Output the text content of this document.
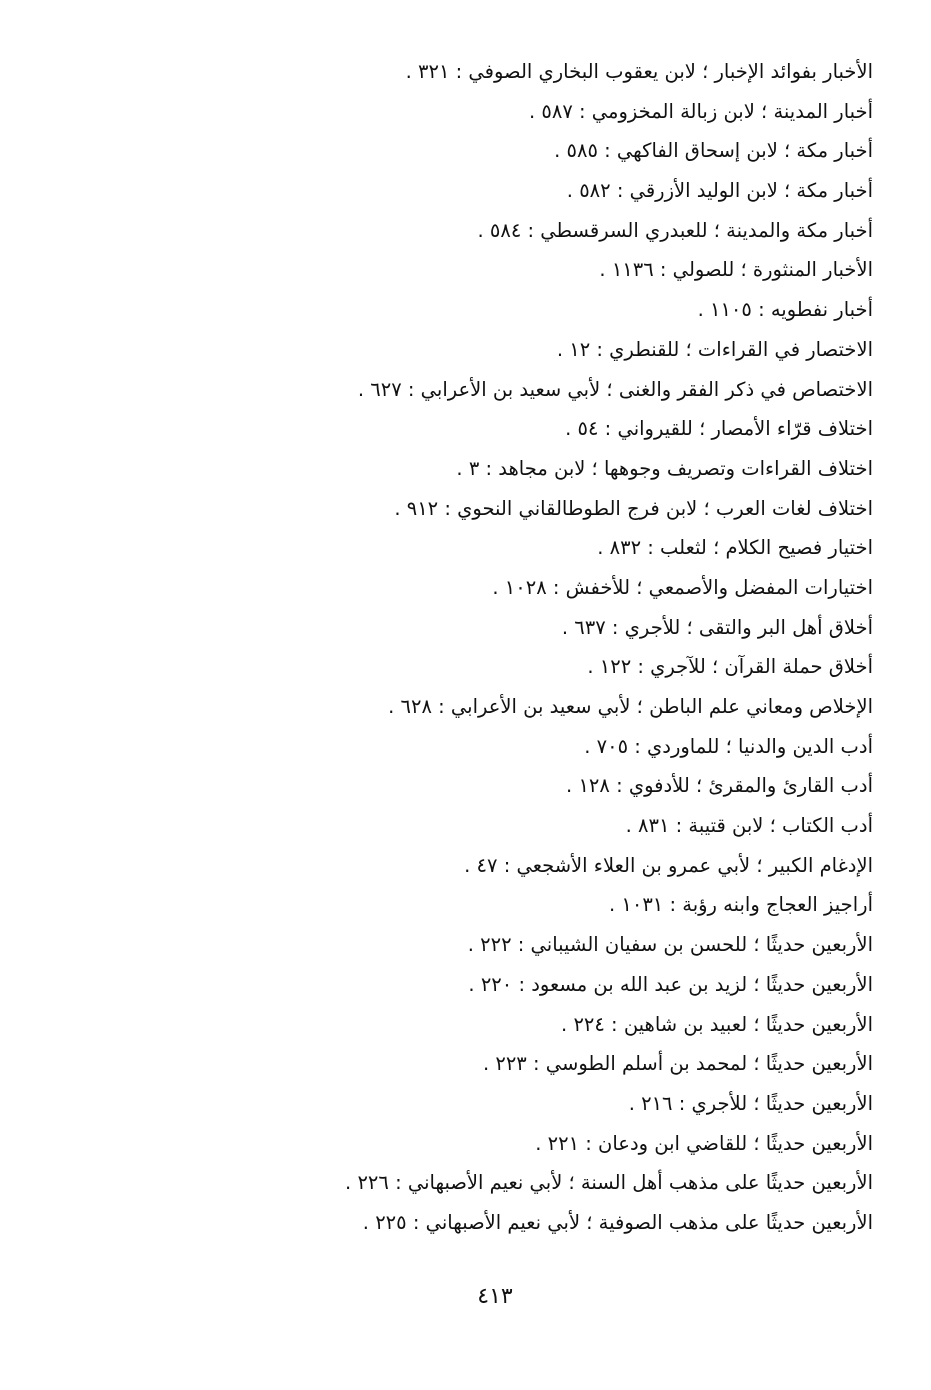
الأخبار بفوائد الإخبار ؛ لابن يعقوب البخاري الصوفي : ٣٢١ .
أخبار المدينة ؛ لابن زبالة المخزومي : ٥٨٧ .
أخبار مكة ؛ لابن إسحاق الفاكهي : ٥٨٥ .
أخبار مكة ؛ لابن الوليد الأزرقي : ٥٨٢ .
أخبار مكة والمدينة ؛ للعبدري السرقسطي : ٥٨٤ .
الأخبار المنثورة ؛ للصولي : ١١٣٦ .
أخبار نفطويه : ١١٠٥ .
الاختصار في القراءات ؛ للقنطري : ١٢ .
الاختصاص في ذكر الفقر والغنى ؛ لأبي سعيد بن الأعرابي : ٦٢٧ .
اختلاف قرّاء الأمصار ؛ للقيرواني : ٥٤ .
اختلاف القراءات وتصريف وجوهها ؛ لابن مجاهد : ٣ .
اختلاف لغات العرب ؛ لابن فرج الطوطالقاني النحوي : ٩١٢ .
اختيار فصيح الكلام ؛ لثعلب : ٨٣٢ .
اختيارات المفضل والأصمعي ؛ للأخفش : ١٠٢٨ .
أخلاق أهل البر والتقى ؛ للأجري : ٦٣٧ .
أخلاق حملة القرآن ؛ للآجري : ١٢٢ .
الإخلاص ومعاني علم الباطن ؛ لأبي سعيد بن الأعرابي : ٦٢٨ .
أدب الدين والدنيا ؛ للماوردي : ٧٠٥ .
أدب القارئ والمقرئ ؛ للأدفوي : ١٢٨ .
أدب الكتاب ؛ لابن قتيبة : ٨٣١ .
الإدغام الكبير ؛ لأبي عمرو بن العلاء الأشجعي : ٤٧ .
أراجيز العجاج وابنه رؤبة : ١٠٣١ .
الأربعين حديثًا ؛ للحسن بن سفيان الشيباني : ٢٢٢ .
الأربعين حديثًا ؛ لزيد بن عبد الله بن مسعود : ٢٢٠ .
الأربعين حديثًا ؛ لعبيد بن شاهين : ٢٢٤ .
الأربعين حديثًا ؛ لمحمد بن أسلم الطوسي : ٢٢٣ .
الأربعين حديثًا ؛ للأجري : ٢١٦ .
الأربعين حديثًا ؛ للقاضي ابن ودعان : ٢٢١ .
الأربعين حديثًا على مذهب أهل السنة ؛ لأبي نعيم الأصبهاني : ٢٢٦ .
الأربعين حديثًا على مذهب الصوفية ؛ لأبي نعيم الأصبهاني : ٢٢٥ .
٤١٣
